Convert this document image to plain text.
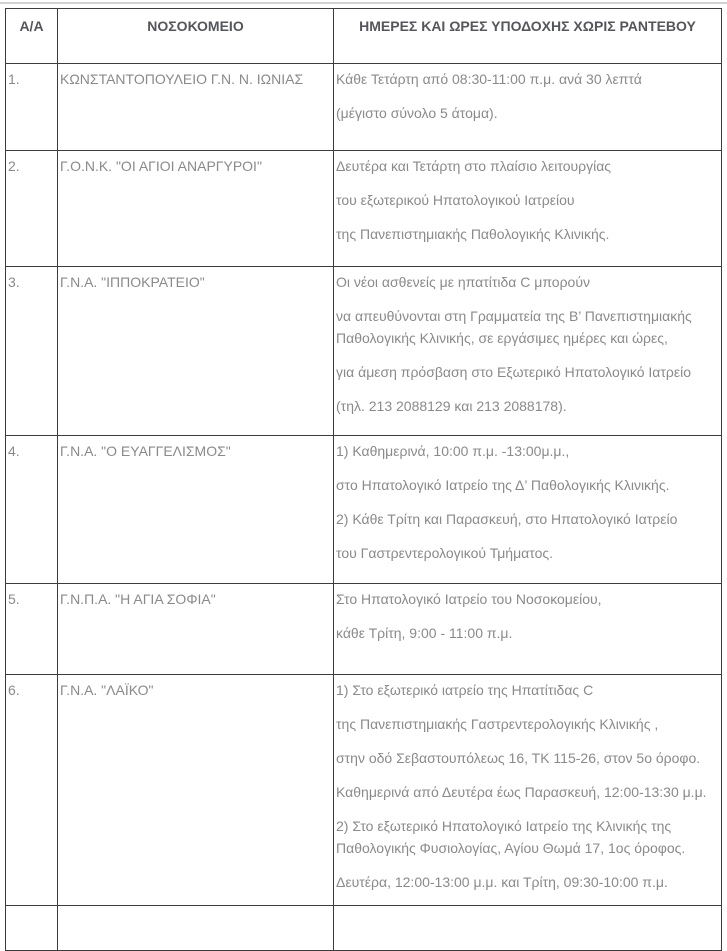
Α/Α	ΝΟΣΟΚΟΜΕΙΟ	ΗΜΕΡΕΣ ΚΑΙ ΩΡΕΣ ΥΠΟΔΟΧΗΣ ΧΩΡΙΣ ΡΑΝΤΕΒΟΥ

1.	ΚΩΝΣΤΑΝΤΟΠΟΥΛΕΙΟ Γ.Ν. Ν. ΙΩΝΙΑΣ	Κάθε Τετάρτη από 08:30-11:00 π.μ. ανά 30 λεπτά

(μέγιστο σύνολο 5 άτομα).

2.	Γ.Ο.Ν.Κ. "ΟΙ ΑΓΙΟΙ ΑΝΑΡΓΥΡΟΙ"	Δευτέρα και Τετάρτη στο πλαίσιο λειτουργίας

του εξωτερικού Ηπατολογικού Ιατρείου

της Πανεπιστημιακής Παθολογικής Κλινικής.

3.	Γ.Ν.Α. "ΙΠΠΟΚΡΑΤΕΙΟ"	Οι νέοι ασθενείς με ηπατίτιδα C μπορούν

να απευθύνονται στη Γραμματεία της Β’ Πανεπιστημιακής Παθολογικής Κλινικής, σε εργάσιμες ημέρες και ώρες,

για άμεση πρόσβαση στο Εξωτερικό Ηπατολογικό Ιατρείο

(τηλ. 213 2088129 και 213 2088178).

4.	Γ.Ν.Α. "Ο ΕΥΑΓΓΕΛΙΣΜΟΣ"	1) Καθημερινά, 10:00 π.μ. -13:00μ.μ.,

στο Ηπατολογικό Ιατρείο της Δ’ Παθολογικής Κλινικής.

2) Κάθε Τρίτη και Παρασκευή, στο Ηπατολογικό Ιατρείο

του Γαστρεντερολογικού Τμήματος.

5.	Γ.Ν.Π.Α. "Η ΑΓΙΑ ΣΟΦΙΑ"	Στο Ηπατολογικό Ιατρείο του Νοσοκομείου,

κάθε Τρίτη, 9:00 - 11:00 π.μ.

6.	Γ.Ν.Α. "ΛΑΪΚΟ"	1) Στο εξωτερικό ιατρείο της Ηπατίτιδας C

της Πανεπιστημιακής Γαστρεντερολογικής Κλινικής ,

στην οδό Σεβαστουπόλεως 16, ΤΚ 115-26, στον 5ο όροφο.

Καθημερινά από Δευτέρα έως Παρασκευή, 12:00-13:30 μ.μ.

2) Στο εξωτερικό Ηπατολογικό Ιατρείο της Κλινικής της Παθολογικής Φυσιολογίας, Αγίου Θωμά 17, 1ος όροφος.

Δευτέρα, 12:00-13:00 μ.μ. και Τρίτη, 09:30-10:00 π.μ.
